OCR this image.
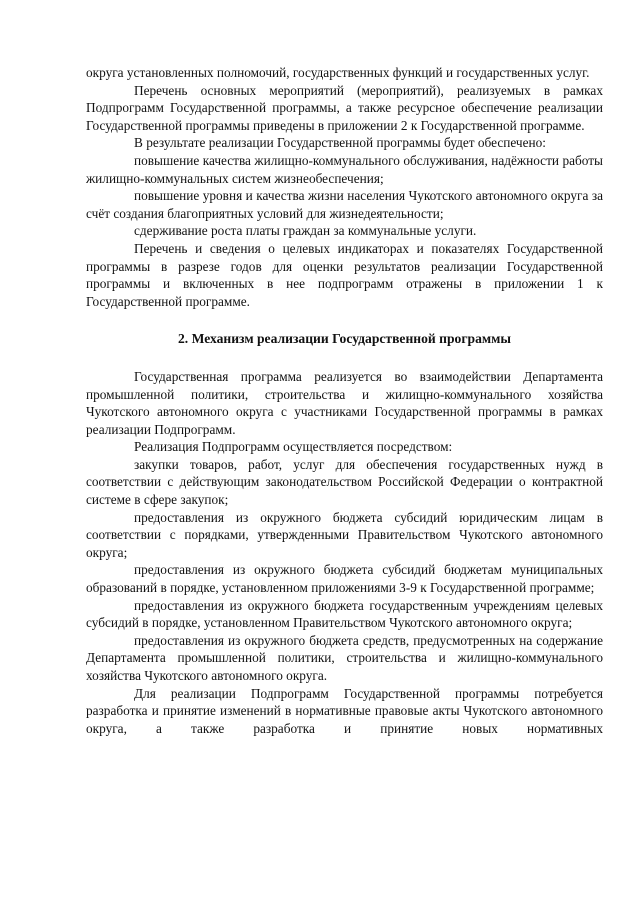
округа установленных полномочий, государственных функций и государственных услуг.

Перечень основных мероприятий (мероприятий), реализуемых в рамках Подпрограмм Государственной программы, а также ресурсное обеспечение реализации Государственной программы приведены в приложении 2 к Государственной программе.

В результате реализации Государственной программы будет обеспечено:

повышение качества жилищно-коммунального обслуживания, надёжности работы жилищно-коммунальных систем жизнеобеспечения;

повышение уровня и качества жизни населения Чукотского автономного округа за счёт создания благоприятных условий для жизнедеятельности;

сдерживание роста платы граждан за коммунальные услуги.

Перечень и сведения о целевых индикаторах и показателях Государственной программы в разрезе годов для оценки результатов реализации Государственной программы и включенных в нее подпрограмм отражены в приложении 1 к Государственной программе.

2. Механизм реализации Государственной программы

Государственная программа реализуется во взаимодействии Департамента промышленной политики, строительства и жилищно-коммунального хозяйства Чукотского автономного округа с участниками Государственной программы в рамках реализации Подпрограмм.

Реализация Подпрограмм осуществляется посредством:

закупки товаров, работ, услуг для обеспечения государственных нужд в соответствии с действующим законодательством Российской Федерации о контрактной системе в сфере закупок;

предоставления из окружного бюджета субсидий юридическим лицам в соответствии с порядками, утвержденными Правительством Чукотского автономного округа;

предоставления из окружного бюджета субсидий бюджетам муниципальных образований в порядке, установленном приложениями 3-9 к Государственной программе;

предоставления из окружного бюджета государственным учреждениям целевых субсидий в порядке, установленном Правительством Чукотского автономного округа;

предоставления из окружного бюджета средств, предусмотренных на содержание Департамента промышленной политики, строительства и жилищно-коммунального хозяйства Чукотского автономного округа.

Для реализации Подпрограмм Государственной программы потребуется разработка и принятие изменений в нормативные правовые акты Чукотского автономного округа, а также разработка и принятие новых нормативных
